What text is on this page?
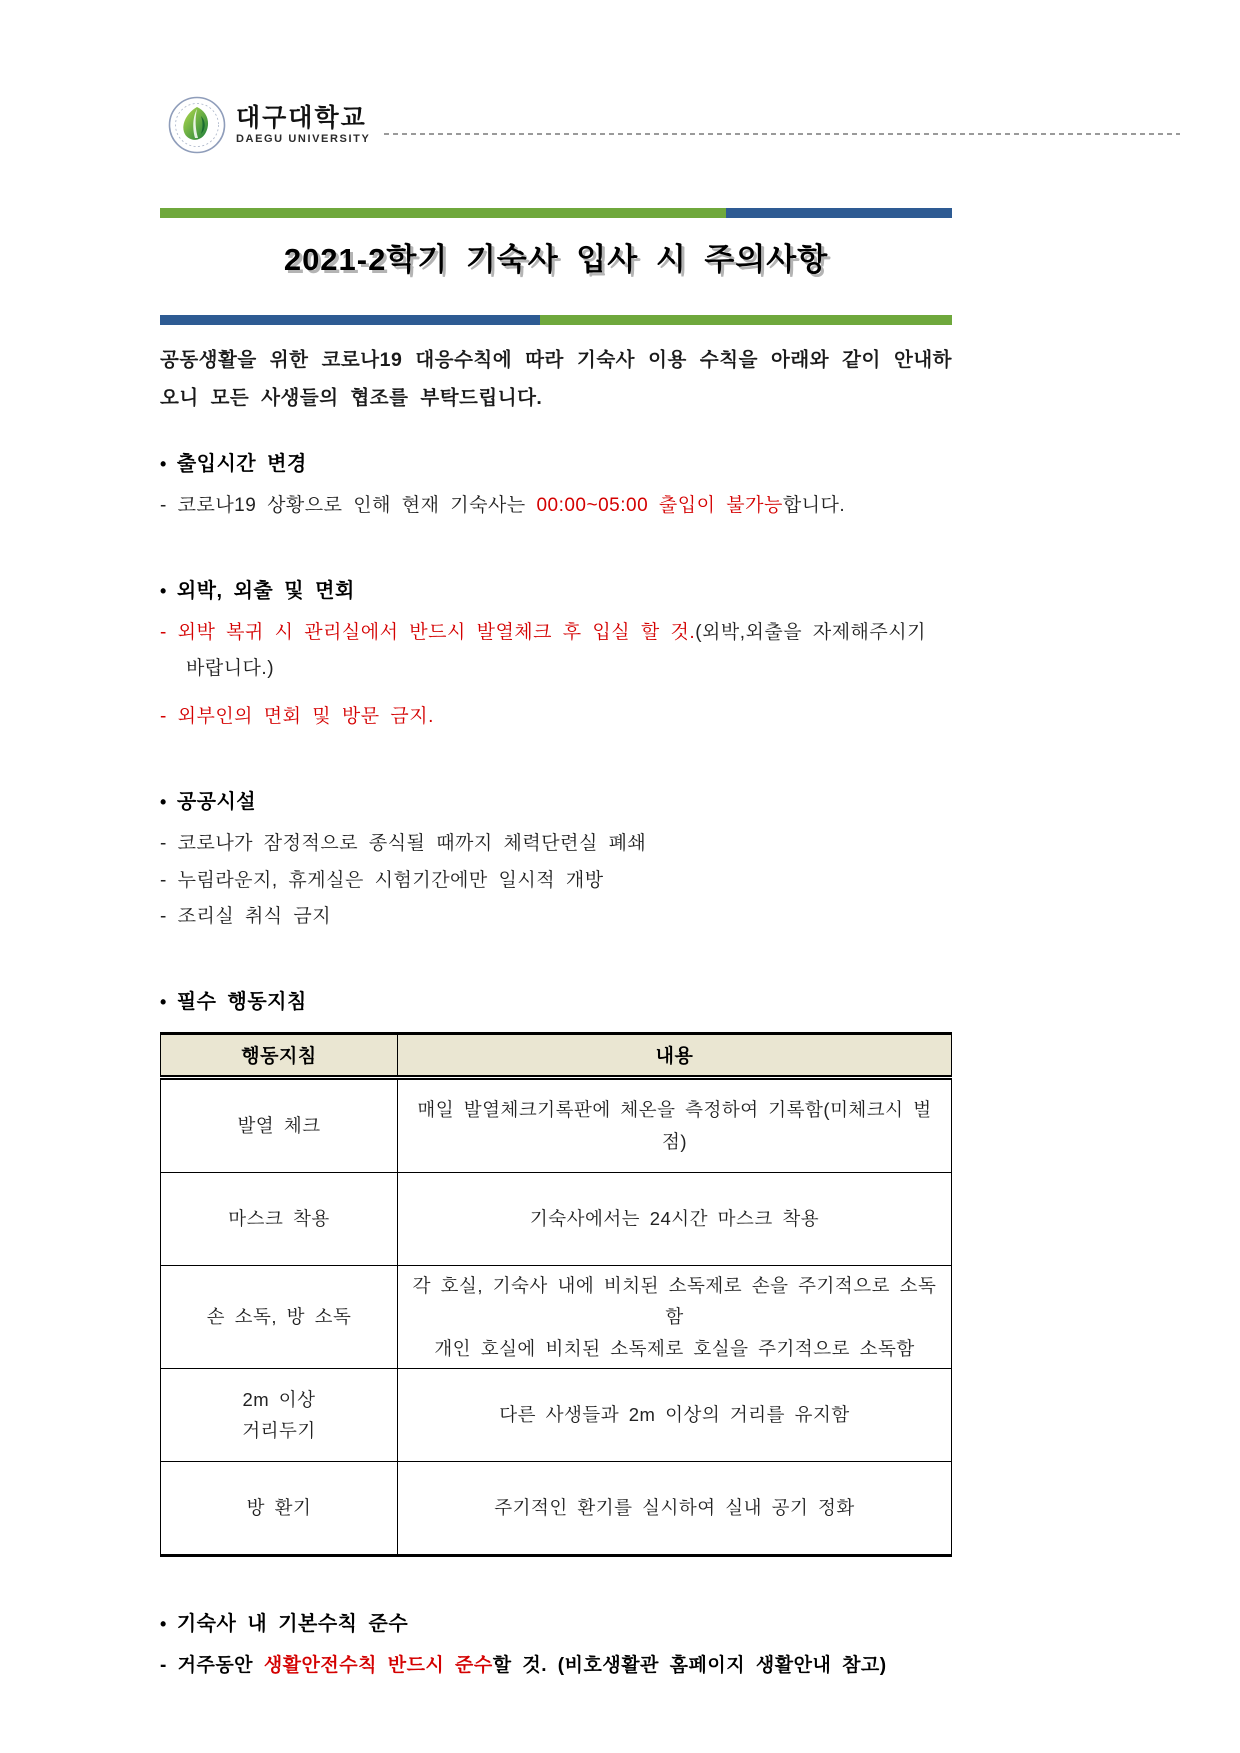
대구대학교
DAEGU UNIVERSITY
2021-2학기 기숙사 입사 시 주의사항

공동생활을 위한 코로나19 대응수칙에 따라 기숙사 이용 수칙을 아래와 같이 안내하오니 모든 사생들의 협조를 부탁드립니다.

• 출입시간 변경

- 코로나19 상황으로 인해 현재 기숙사는 00:00~05:00 출입이 불가능합니다.

• 외박, 외출 및 면회

- 외박 복귀 시 관리실에서 반드시 발열체크 후 입실 할 것.(외박,외출을 자제해주시기 바랍니다.)

- 외부인의 면회 및 방문 금지.

• 공공시설

- 코로나가 잠정적으로 종식될 때까지 체력단련실 폐쇄

- 누림라운지, 휴게실은 시험기간에만 일시적 개방

- 조리실 취식 금지

• 필수 행동지침
행동지침	내용

발열 체크	매일 발열체크기록판에 체온을 측정하여 기록함(미체크시 벌점)

마스크 착용	기숙사에서는 24시간 마스크 착용

손 소독, 방 소독	각 호실, 기숙사 내에 비치된 소독제로 손을 주기적으로 소독함
개인 호실에 비치된 소독제로 호실을 주기적으로 소독함

2m 이상
거리두기	다른 사생들과 2m 이상의 거리를 유지함

방 환기	주기적인 환기를 실시하여 실내 공기 정화
• 기숙사 내 기본수칙 준수

- 거주동안 생활안전수칙 반드시 준수할 것. (비호생활관 홈페이지 생활안내 참고)
